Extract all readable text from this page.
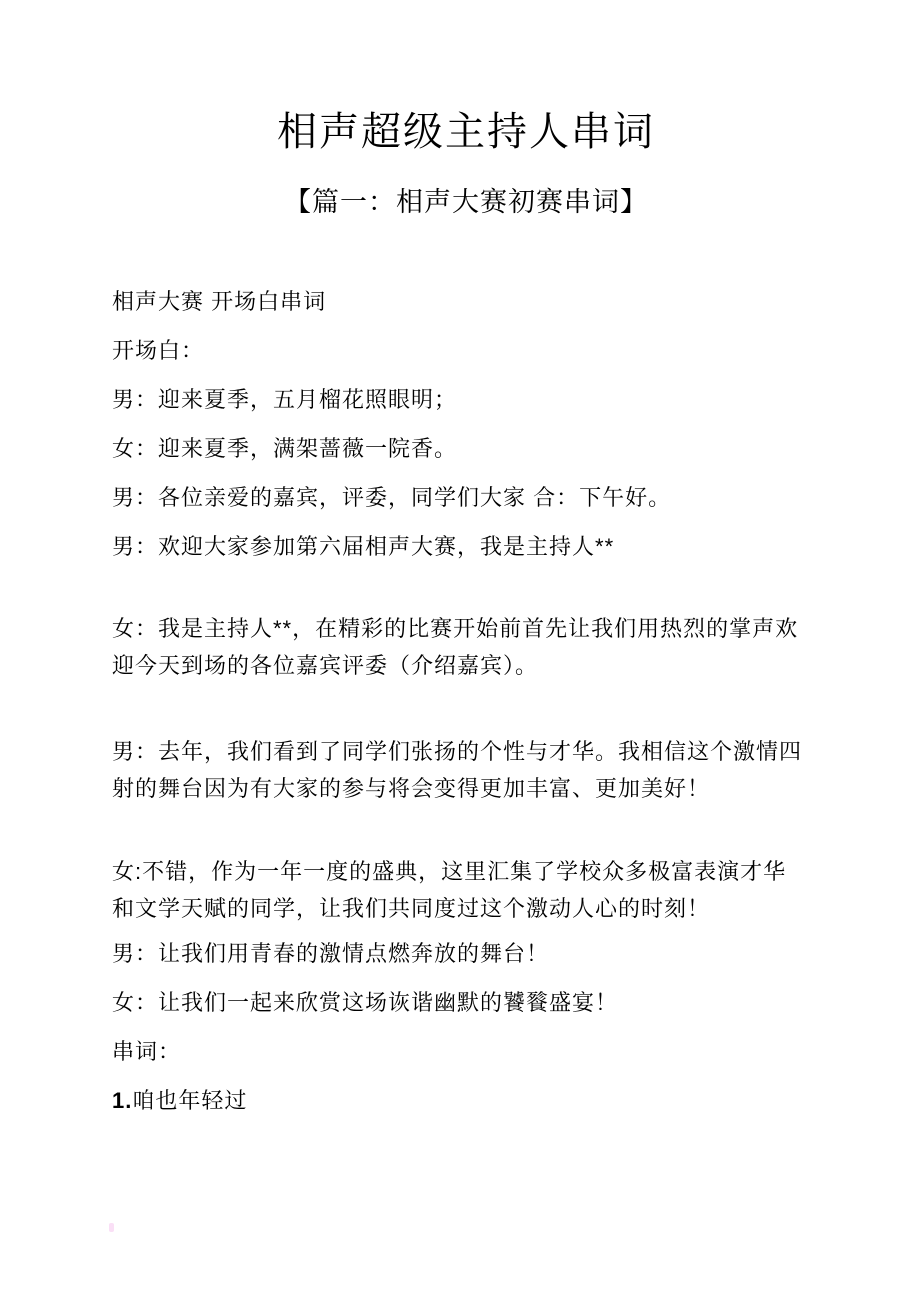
相声超级主持人串词
【篇一：相声大赛初赛串词】

相声大赛 开场白串词

开场白：

男：迎来夏季，五月榴花照眼明；

女：迎来夏季，满架蔷薇一院香。

男：各位亲爱的嘉宾，评委，同学们大家 合：下午好。

男：欢迎大家参加第六届相声大赛，我是主持人**

女：我是主持人**，在精彩的比赛开始前首先让我们用热烈的掌声欢
迎今天到场的各位嘉宾评委（介绍嘉宾）。

男：去年，我们看到了同学们张扬的个性与才华。我相信这个激情四
射的舞台因为有大家的参与将会变得更加丰富、更加美好！

女:不错，作为一年一度的盛典，这里汇集了学校众多极富表演才华
和文学天赋的同学，让我们共同度过这个激动人心的时刻！

男：让我们用青春的激情点燃奔放的舞台！

女：让我们一起来欣赏这场诙谐幽默的饕餮盛宴！

串词：

1.咱也年轻过
